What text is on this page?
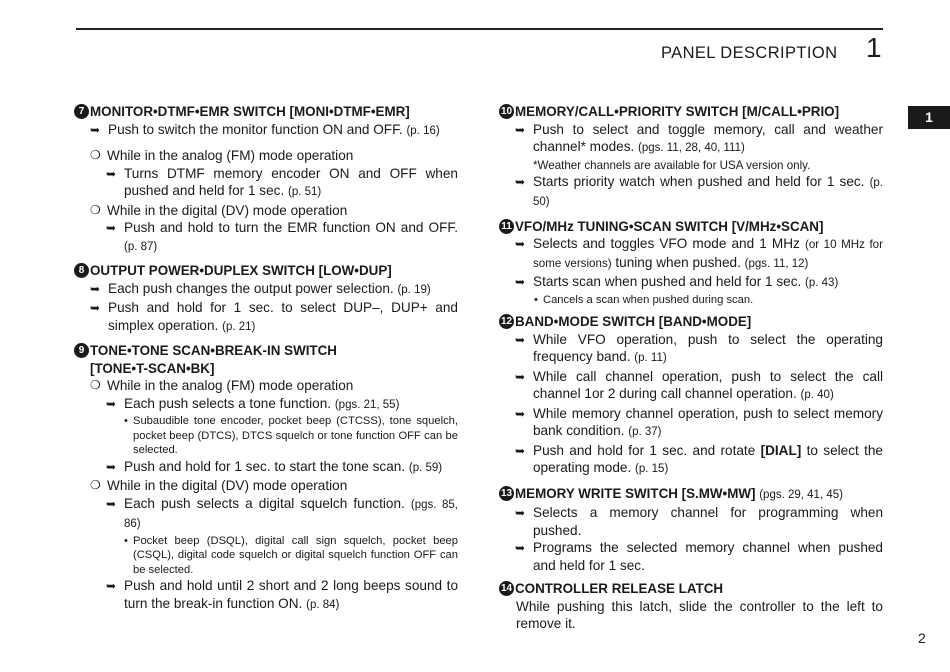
PANEL DESCRIPTION 1
1
2
7 MONITOR•DTMF•EMR SWITCH [MONI•DTMF•EMR]
➥ Push to switch the monitor function ON and OFF. (p. 16)
❍ While in the analog (FM) mode operation
➥ Turns DTMF memory encoder ON and OFF when pushed and held for 1 sec. (p. 51)
❍ While in the digital (DV) mode operation
➥ Push and hold to turn the EMR function ON and OFF. (p. 87)
8 OUTPUT POWER•DUPLEX SWITCH [LOW•DUP]
➥ Each push changes the output power selection. (p. 19)
➥ Push and hold for 1 sec. to select DUP–, DUP+ and simplex operation. (p. 21)
9 TONE•TONE SCAN•BREAK-IN SWITCH
[TONE•T-SCAN•BK]
❍ While in the analog (FM) mode operation
➥ Each push selects a tone function. (pgs. 21, 55)
• Subaudible tone encoder, pocket beep (CTCSS), tone squelch, pocket beep (DTCS), DTCS squelch or tone function OFF can be selected.
➥ Push and hold for 1 sec. to start the tone scan. (p. 59)
❍ While in the digital (DV) mode operation
➥ Each push selects a digital squelch function. (pgs. 85, 86)
• Pocket beep (DSQL), digital call sign squelch, pocket beep (CSQL), digital code squelch or digital squelch function OFF can be selected.
➥ Push and hold until 2 short and 2 long beeps sound to turn the break-in function ON. (p. 84)
10 MEMORY/CALL•PRIORITY SWITCH [M/CALL•PRIO]
➥ Push to select and toggle memory, call and weather channel* modes. (pgs. 11, 28, 40, 111)
*Weather channels are available for USA version only.
➥ Starts priority watch when pushed and held for 1 sec. (p. 50)
11 VFO/MHz TUNING•SCAN SWITCH [V/MHz•SCAN]
➥ Selects and toggles VFO mode and 1 MHz (or 10 MHz for some versions) tuning when pushed. (pgs. 11, 12)
➥ Starts scan when pushed and held for 1 sec. (p. 43)
• Cancels a scan when pushed during scan.
12 BAND•MODE SWITCH [BAND•MODE]
➥ While VFO operation, push to select the operating frequency band. (p. 11)
➥ While call channel operation, push to select the call channel 1or 2 during call channel operation. (p. 40)
➥ While memory channel operation, push to select memory bank condition. (p. 37)
➥ Push and hold for 1 sec. and rotate [DIAL] to select the operating mode. (p. 15)
13 MEMORY WRITE SWITCH [S.MW•MW] (pgs. 29, 41, 45)
➥ Selects a memory channel for programming when pushed.
➥ Programs the selected memory channel when pushed and held for 1 sec.
14 CONTROLLER RELEASE LATCH
While pushing this latch, slide the controller to the left to remove it.
